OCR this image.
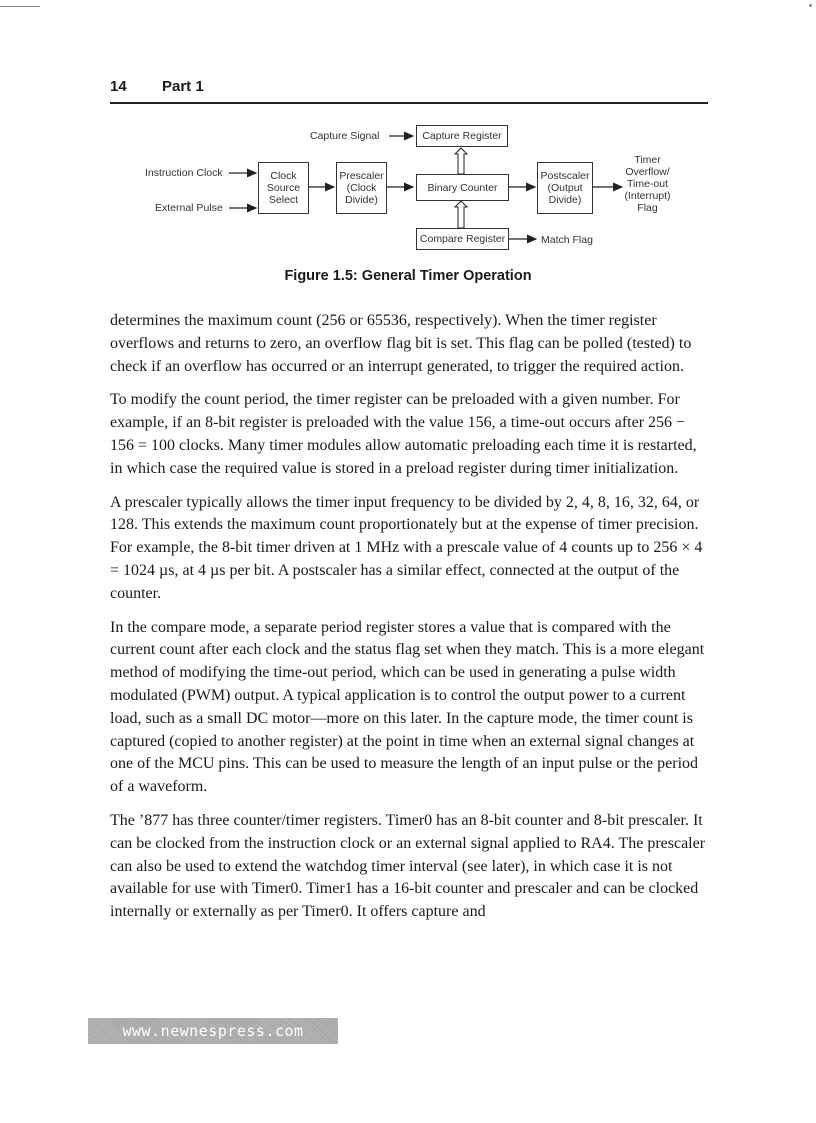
14 Part 1
Capture Signal	Capture Register
Instruction Clock
External Pulse
Clock
Source
Select
Prescaler
(Clock
Divide)
Binary Counter
Postscaler
(Output
Divide)
Timer
Overflow/
Time-out
(Interrupt)
Flag
Compare Register	Match Flag
Figure 1.5: General Timer Operation

determines the maximum count (256 or 65536, respectively). When the timer register overflows and returns to zero, an overflow flag bit is set. This flag can be polled (tested) to check if an overflow has occurred or an interrupt generated, to trigger the required action.

To modify the count period, the timer register can be preloaded with a given number. For example, if an 8-bit register is preloaded with the value 156, a time-out occurs after 256 − 156 = 100 clocks. Many timer modules allow automatic preloading each time it is restarted, in which case the required value is stored in a preload register during timer initialization.

A prescaler typically allows the timer input frequency to be divided by 2, 4, 8, 16, 32, 64, or 128. This extends the maximum count proportionately but at the expense of timer precision. For example, the 8-bit timer driven at 1 MHz with a prescale value of 4 counts up to 256 × 4 = 1024 µs, at 4 µs per bit. A postscaler has a similar effect, connected at the output of the counter.

In the compare mode, a separate period register stores a value that is compared with the current count after each clock and the status flag set when they match. This is a more elegant method of modifying the time-out period, which can be used in generating a pulse width modulated (PWM) output. A typical application is to control the output power to a current load, such as a small DC motor—more on this later. In the capture mode, the timer count is captured (copied to another register) at the point in time when an external signal changes at one of the MCU pins. This can be used to measure the length of an input pulse or the period of a waveform.

The ’877 has three counter/timer registers. Timer0 has an 8-bit counter and 8-bit prescaler. It can be clocked from the instruction clock or an external signal applied to RA4. The prescaler can also be used to extend the watchdog timer interval (see later), in which case it is not available for use with Timer0. Timer1 has a 16-bit counter and prescaler and can be clocked internally or externally as per Timer0. It offers capture and

www.newnespress.com
